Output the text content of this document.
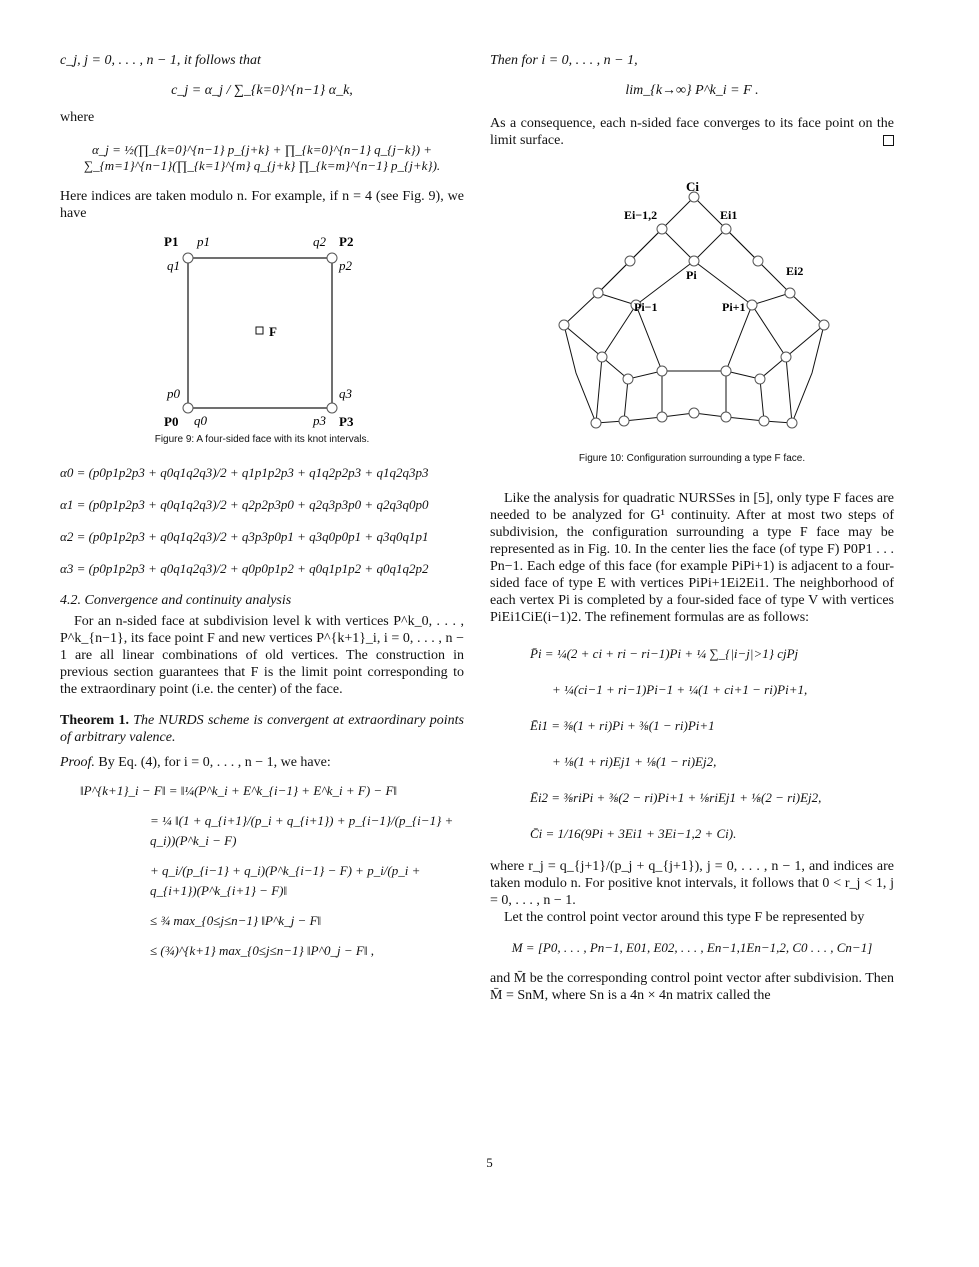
c_j, j = 0, . . . , n − 1, it follows that

c_j = α_j / ∑_{k=0}^{n−1} α_k,

where

α_j = ½(∏_{k=0}^{n−1} p_{j+k} + ∏_{k=0}^{n−1} q_{j−k}) + ∑_{m=1}^{n−1}(∏_{k=1}^{m} q_{j+k} ∏_{k=m}^{n−1} p_{j+k}).

Here indices are taken modulo n. For example, if n = 4 (see Fig. 9), we have

P1 p1	q2 P2
q1	p2
F
p0	q3
P0 q0	p3 P3
Figure 9: A four-sided face with its knot intervals.
α0 = (p0p1p2p3 + q0q1q2q3)/2 + q1p1p2p3 + q1q2p2p3 + q1q2q3p3
α1 = (p0p1p2p3 + q0q1q2q3)/2 + q2p2p3p0 + q2q3p3p0 + q2q3q0p0
α2 = (p0p1p2p3 + q0q1q2q3)/2 + q3p3p0p1 + q3q0p0p1 + q3q0q1p1
α3 = (p0p1p2p3 + q0q1q2q3)/2 + q0p0p1p2 + q0q1p1p2 + q0q1q2p2
4.2. Convergence and continuity analysis

For an n-sided face at subdivision level k with vertices P^k_0, . . . , P^k_{n−1}, its face point F and new vertices P^{k+1}_i, i = 0, . . . , n − 1 are all linear combinations of old vertices. The construction in previous section guarantees that F is the limit point corresponding to the extraordinary point (i.e. the center) of the face.

Theorem 1. The NURDS scheme is convergent at extraordinary points of arbitrary valence.

Proof. By Eq. (4), for i = 0, . . . , n − 1, we have:

‖P^{k+1}_i − F‖ = ‖¼(P^k_i + E^k_{i−1} + E^k_i + F) − F‖
= ¼ ‖(1 + q_{i+1}/(p_i + q_{i+1}) + p_{i−1}/(p_{i−1} + q_i))(P^k_i − F)
+ q_i/(p_{i−1} + q_i)(P^k_{i−1} − F) + p_i/(p_i + q_{i+1})(P^k_{i+1} − F)‖
≤ ¾ max_{0≤j≤n−1} ‖P^k_j − F‖
≤ (¾)^{k+1} max_{0≤j≤n−1} ‖P^0_j − F‖ ,

Then for i = 0, . . . , n − 1,

lim_{k→∞} P^k_i = F .

As a consequence, each n-sided face converges to its face point on the limit surface.

Ci
Ei−1,2	Ei1
Pi	Ei2
Pi−1	Pi+1
Figure 10: Configuration surrounding a type F face.

Like the analysis for quadratic NURSSes in [5], only type F faces are needed to be analyzed for G¹ continuity. After at most two steps of subdivision, the configuration surrounding a type F face may be represented as in Fig. 10. In the center lies the face (of type F) P0P1 . . . Pn−1. Each edge of this face (for example PiPi+1) is adjacent to a four-sided face of type E with vertices PiPi+1Ei2Ei1. The neighborhood of each vertex Pi is completed by a four-sided face of type V with vertices PiEi1CiE(i−1)2. The refinement formulas are as follows:

P̄i = ¼(2 + ci + ri − ri−1)Pi + ¼ ∑_{|i−j|>1} cjPj
+ ¼(ci−1 + ri−1)Pi−1 + ¼(1 + ci+1 − ri)Pi+1,
Ēi1 = ⅜(1 + ri)Pi + ⅜(1 − ri)Pi+1
+ ⅛(1 + ri)Ej1 + ⅛(1 − ri)Ej2,
Ēi2 = ⅜riPi + ⅜(2 − ri)Pi+1 + ⅛riEj1 + ⅛(2 − ri)Ej2,
C̄i = 1/16(9Pi + 3Ei1 + 3Ei−1,2 + Ci).

where r_j = q_{j+1}/(p_j + q_{j+1}), j = 0, . . . , n − 1, and indices are taken modulo n. For positive knot intervals, it follows that 0 < r_j < 1, j = 0, . . . , n − 1.

Let the control point vector around this type F be represented by

M = [P0, . . . , Pn−1, E01, E02, . . . , En−1,1En−1,2, C0 . . . , Cn−1]

and M̄ be the corresponding control point vector after subdivision. Then M̄ = SnM, where Sn is a 4n × 4n matrix called the

5
